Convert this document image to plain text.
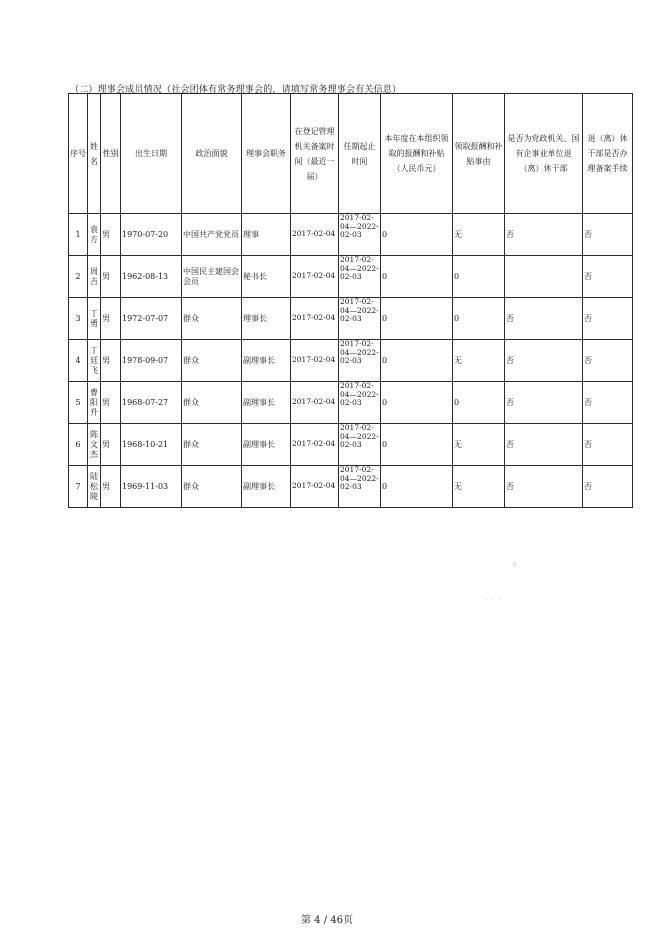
（二）理事会成员情况（社会团体有常务理事会的，请填写常务理事会有关信息）
序号	姓名	性别	出生日期	政治面貌	理事会职务	在登记管理机关备案时间（最近一届）	任期起止时间	本年度在本组织领取的报酬和补贴（人民币元）	领取报酬和补贴事由	是否为党政机关、国有企事业单位退（离）休干部	退（离）休干部是否办理备案手续
1	袁方	男	1970-07-20	中国共产党党员	理事	2017-02-04	2017-02-04—2022-02-03	0	无	否	否
2	周吉	男	1962-08-13	中国民主建国会会员	秘书长	2017-02-04	2017-02-04—2022-02-03	0	0		否
3	丁勇	男	1972-07-07	群众	理事长	2017-02-04	2017-02-04—2022-02-03	0	0	否	否
4	丁廷飞	男	1978-09-07	群众	副理事长	2017-02-04	2017-02-04—2022-02-03	0	无	否	否
5	曹阳升	男	1968-07-27	群众	副理事长	2017-02-04	2017-02-04—2022-02-03	0	0	否	否
6	陈文杰	男	1968-10-21	群众	副理事长	2017-02-04	2017-02-04—2022-02-03	0	无	否	否
7	陆松陵	男	1969-11-03	群众	副理事长	2017-02-04	2017-02-04—2022-02-03	0	无	否	否
ㅊ
· ·   ˡ
第 4 / 46页
